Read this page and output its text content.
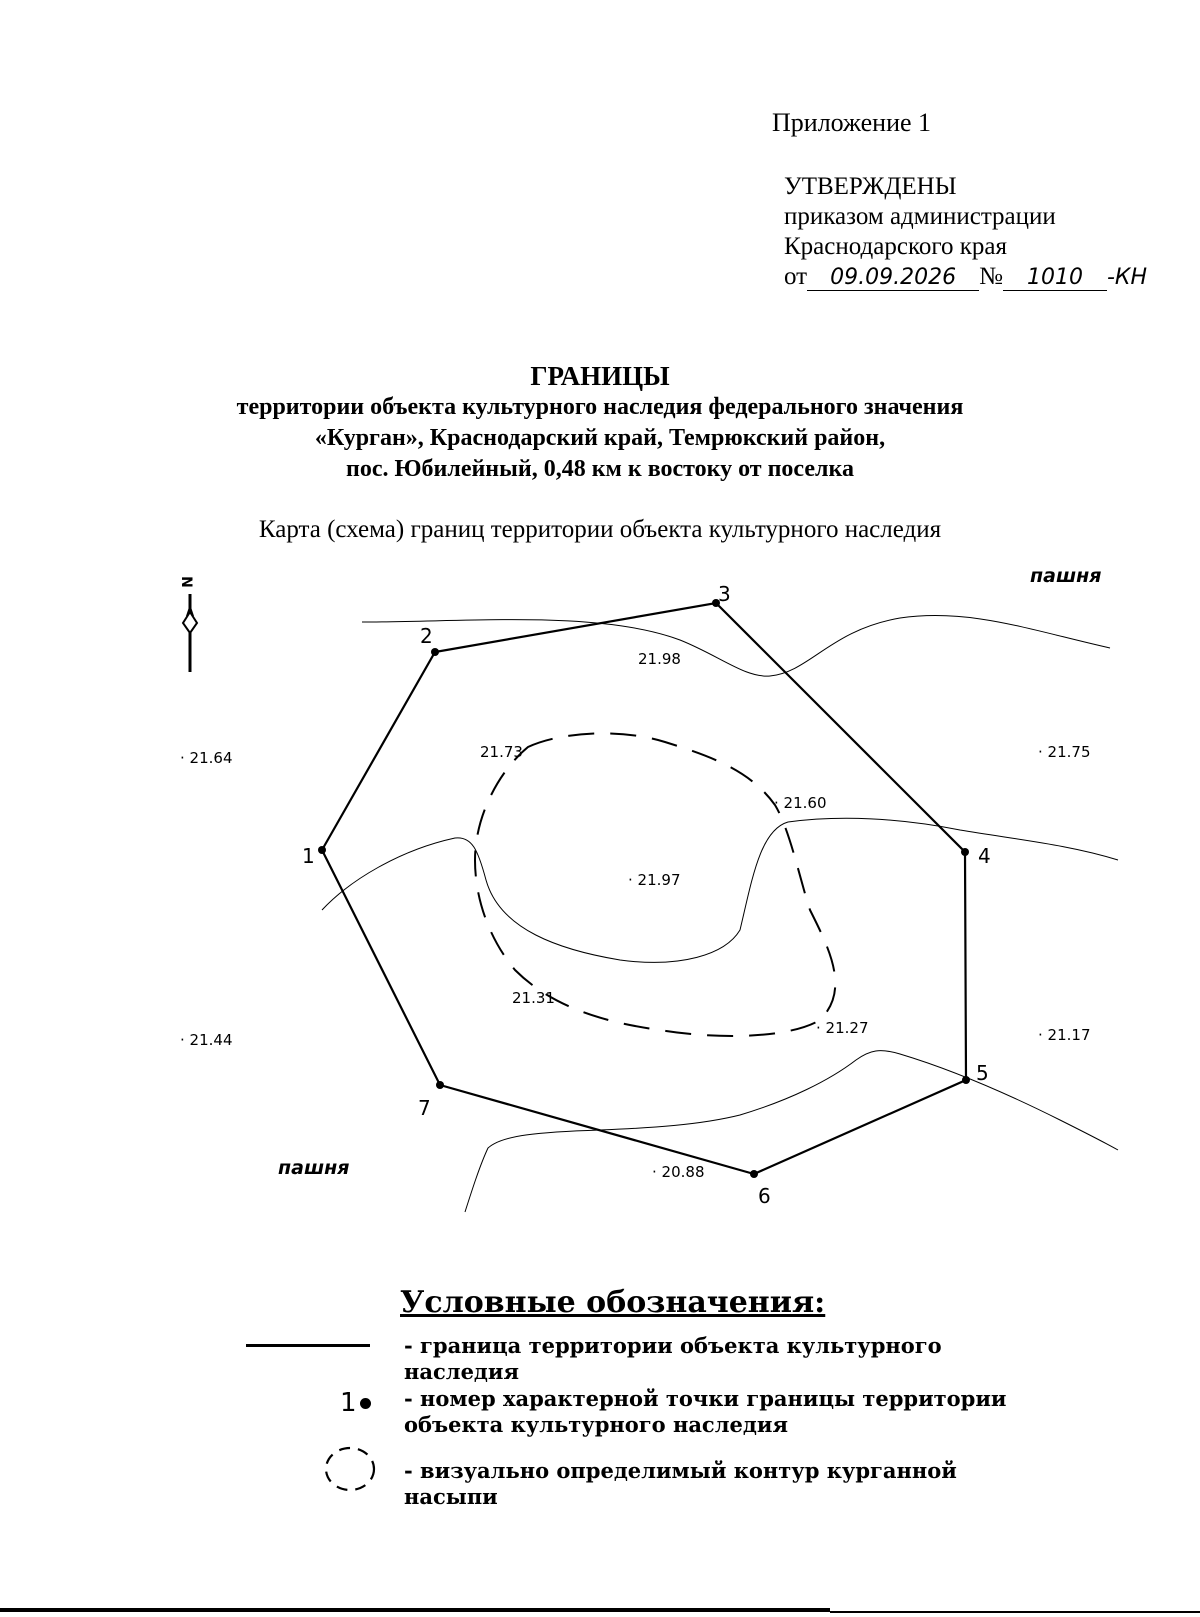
Приложение 1
УТВЕРЖДЕНЫ
приказом администрации
Краснодарского края
от 09.09.2026 № 1010 -КН
ГРАНИЦЫ
территории объекта культурного наследия федерального значения
«Курган», Краснодарский край, Темрюкский район,
пос. Юбилейный, 0,48 км к востоку от поселка
Карта (схема) границ территории объекта культурного наследия
N
1
2
3
4
5
6
7
· 21.64
21.98
21.73
· 21.60
· 21.75
· 21.97
21.31
· 21.27
· 21.44	· 21.17
· 20.88
пашня
пашня
Условные обозначения:
- граница территории объекта культурного наследия
1	- номер характерной точки границы территории объекта культурного наследия
- визуально определимый контур курганной насыпи
